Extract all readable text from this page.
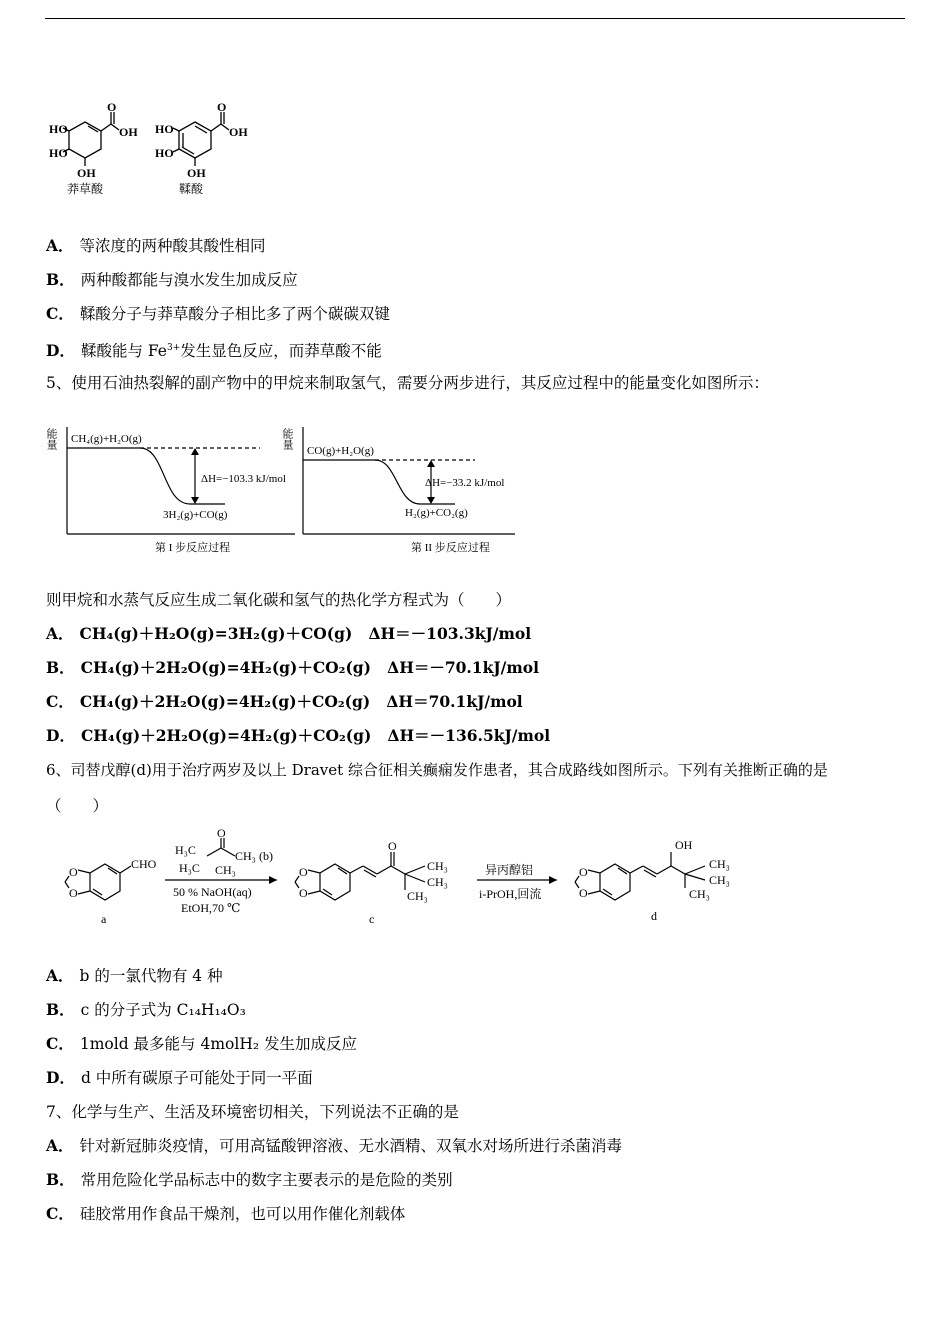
HO
HO
OH
O
OH HO
HO
OH
O
OH
莽草酸	鞣酸
A． 等浓度的两种酸其酸性相同
B． 两种酸都能与溴水发生加成反应
C． 鞣酸分子与莽草酸分子相比多了两个碳碳双键
D． 鞣酸能与 $Fe^{3+}$发生显色反应，而莽草酸不能
5、使用石油热裂解的副产物中的甲烷来制取氢气，需要分两步进行，其反应过程中的能量变化如图所示：
能量 CH₄(g)+H₂O(g)
ΔH=−103.3 kJ/mol
3H₂(g)+CO(g)
第 I 步反应过程
能量
CO(g)+H₂O(g)
ΔH=−33.2 kJ/mol
H₂(g)+CO₂(g)
第 II 步反应过程
则甲烷和水蒸气反应生成二氧化碳和氢气的热化学方程式为（　　）
A． CH₄(g)＋H₂O(g)=3H₂(g)＋CO(g) ΔH＝－103.3kJ/mol
B． CH₄(g)＋2H₂O(g)=4H₂(g)＋CO₂(g) ΔH＝－70.1kJ/mol
C． CH₄(g)＋2H₂O(g)=4H₂(g)＋CO₂(g) ΔH＝70.1kJ/mol
D． CH₄(g)＋2H₂O(g)=4H₂(g)＋CO₂(g) ΔH＝－136.5kJ/mol
6、司替戊醇(d)用于治疗两岁及以上 Dravet 综合征相关癫痫发作患者，其合成路线如图所示。下列有关推断正确的是
（　　）
CHO
O
O
a
O
H₃C
H₃C CH₃
CH₃ (b)
50 % NaOH(aq)
EtOH,70 ℃
O
O
O
CH₃
CH₃
CH₃
c
异丙醇铝
i-PrOH,回流
O
O
OH
CH₃
CH₃
CH₃
d
A． b 的一氯代物有 4 种
B． c 的分子式为 C₁₄H₁₄O₃
C． 1mold 最多能与 4molH₂ 发生加成反应
D． d 中所有碳原子可能处于同一平面
7、化学与生产、生活及环境密切相关，下列说法不正确的是
A． 针对新冠肺炎疫情，可用高锰酸钾溶液、无水酒精、双氧水对场所进行杀菌消毒
B． 常用危险化学品标志中的数字主要表示的是危险的类别
C． 硅胶常用作食品干燥剂，也可以用作催化剂载体
